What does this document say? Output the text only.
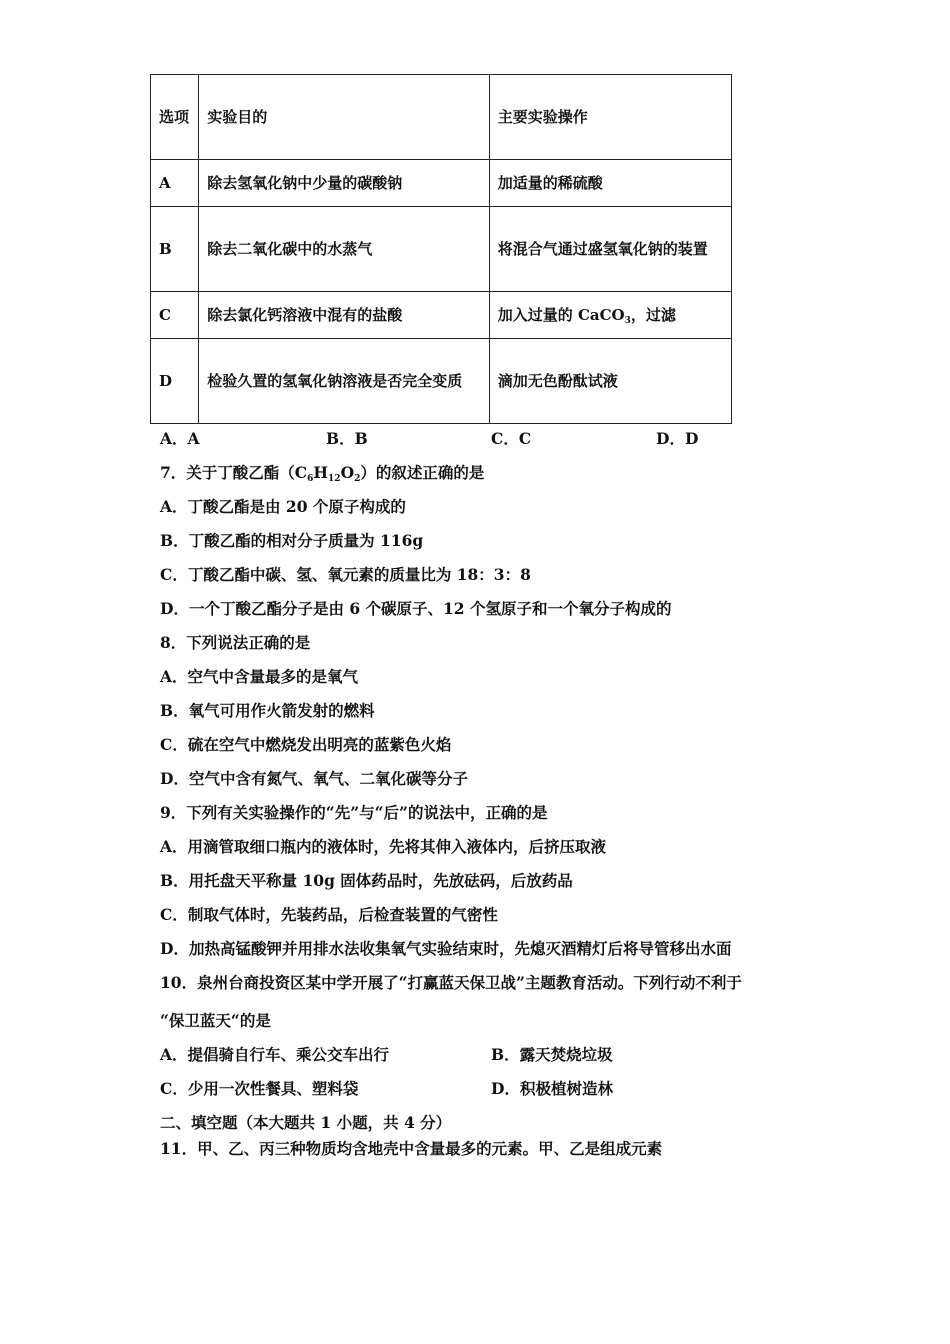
选项	实验目的	主要实验操作
A	除去氢氧化钠中少量的碳酸钠	加适量的稀硫酸
B	除去二氧化碳中的水蒸气	将混合气通过盛氢氧化钠的装置
C	除去氯化钙溶液中混有的盐酸	加入过量的 CaCO$_3$，过滤
D	检验久置的氢氧化钠溶液是否完全变质	滴加无色酚酞试液
A．A	B．B	C．C	D．D
7．关于丁酸乙酯$(C_6H_{12}O_2)$的叙述正确的是
A．丁酸乙酯是由 20 个原子构成的
B．丁酸乙酯的相对分子质量为 116g
C．丁酸乙酯中碳、氢、氧元素的质量比为 18：3：8
D．一个丁酸乙酯分子是由 6 个碳原子、12 个氢原子和一个氧分子构成的
8．下列说法正确的是
A．空气中含量最多的是氧气
B．氧气可用作火箭发射的燃料
C．硫在空气中燃烧发出明亮的蓝紫色火焰
D．空气中含有氮气、氧气、二氧化碳等分子
9．下列有关实验操作的“先”与“后”的说法中，正确的是
A．用滴管取细口瓶内的液体时，先将其伸入液体内，后挤压取液
B．用托盘天平称量 10g 固体药品时，先放砝码，后放药品
C．制取气体时，先装药品，后检查装置的气密性
D．加热高锰酸钾并用排水法收集氧气实验结束时，先熄灭酒精灯后将导管移出水面
10．泉州台商投资区某中学开展了“打赢蓝天保卫战”主题教育活动。下列行动不利于
“保卫蓝天“的是
A．提倡骑自行车、乘公交车出行	B．露天焚烧垃圾
C．少用一次性餐具、塑料袋	D．积极植树造林
二、填空题（本大题共 1 小题，共 4 分）
11．甲、乙、丙三种物质均含地壳中含量最多的元素。甲、乙是组成元素
